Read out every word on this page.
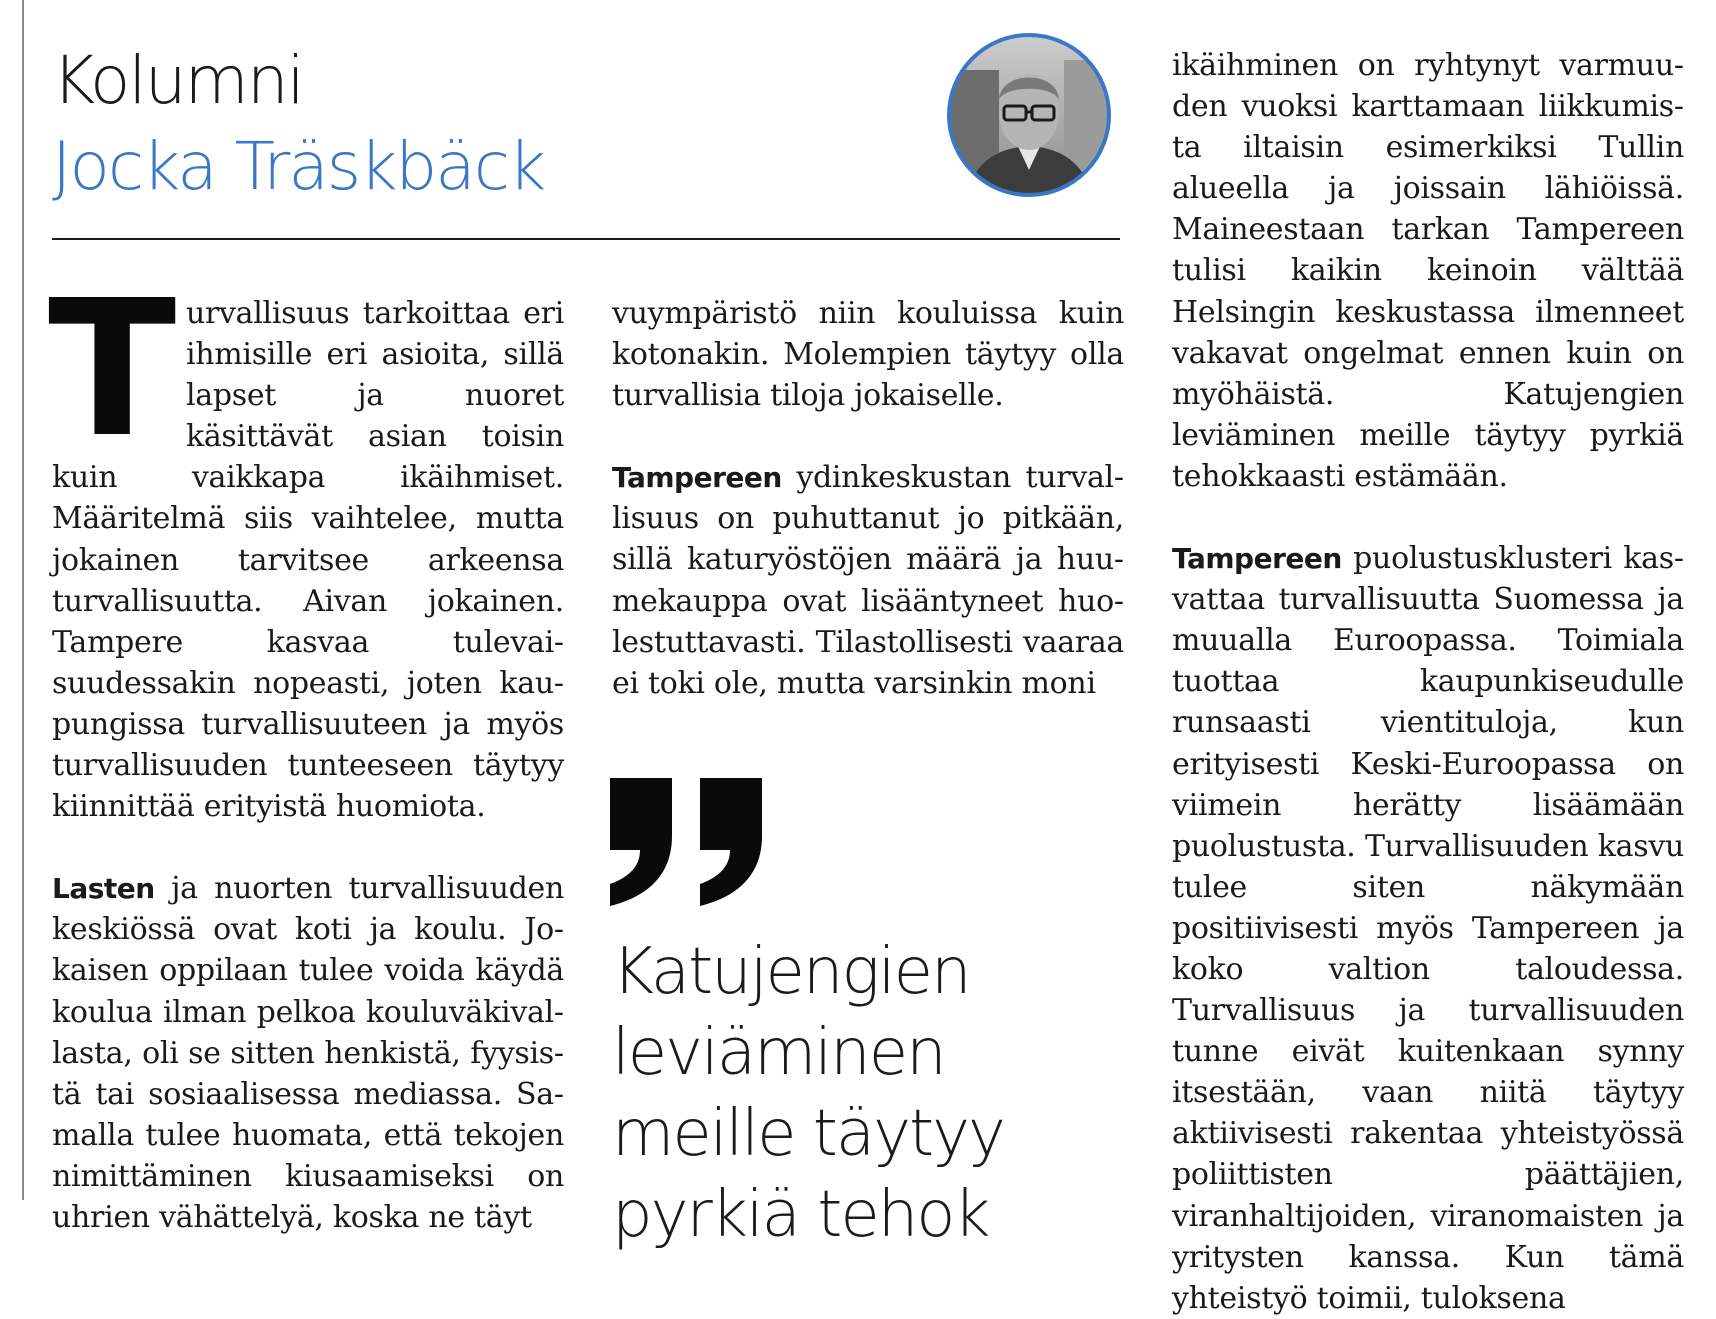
Kolumni
Jocka Träskbäck

Turvallisuus tarkoittaa eri ihmisille eri asioita, sillä lapset ja nuoret käsittävät asian toisin kuin vaikkapa ikäihmiset. Määritelmä siis vaihtelee, mutta jokainen tarvitsee arkeensa turvallisuutta. Aivan jokainen. Tampere kasvaa tulevaisuudessakin nopeasti, joten kaupungissa turvallisuuteen ja myös turvallisuuden tunteeseen täytyy kiinnittää erityistä huomiota.

Lasten ja nuorten turvallisuuden keskiössä ovat koti ja koulu. Jokaisen oppilaan tulee voida käydä koulua ilman pelkoa kouluväkivallasta, oli se sitten henkistä, fyysistä tai sosiaalisessa mediassa. Samalla tulee huomata, että tekojen nimittäminen kiusaamiseksi on uhrien vähättelyä, koska ne täyt

vuympäristö niin kouluissa kuin kotonakin. Molempien täytyy olla turvallisia tiloja jokaiselle.

Tampereen ydinkeskustan turvallisuus on puhuttanut jo pitkään, sillä katuryöstöjen määrä ja huumekauppa ovat lisääntyneet huolestuttavasti. Tilastollisesti vaaraa ei toki ole, mutta varsinkin moni

Katujengien
leviäminen
meille täytyy
pyrkiä tehok

ikäihminen on ryhtynyt varmuuden vuoksi karttamaan liikkumista iltaisin esimerkiksi Tullin alueella ja joissain lähiöissä. Maineestaan tarkan Tampereen tulisi kaikin keinoin välttää Helsingin keskustassa ilmenneet vakavat ongelmat ennen kuin on myöhäistä. Katujengien leviäminen meille täytyy pyrkiä tehokkaasti estämään.

Tampereen puolustusklusteri kasvattaa turvallisuutta Suomessa ja muualla Euroopassa. Toimiala tuottaa kaupunkiseudulle runsaasti vientituloja, kun erityisesti Keski-Euroopassa on viimein herätty lisäämään puolustusta. Turvallisuuden kasvu tulee siten näkymään positiivisesti myös Tampereen ja koko valtion taloudessa. Turvallisuus ja turvallisuuden tunne eivät kuitenkaan synny itsestään, vaan niitä täytyy aktiivisesti rakentaa yhteistyössä poliittisten päättäjien, viranhaltijoiden, viranomaisten ja yritysten kanssa. Kun tämä yhteistyö toimii, tuloksena
